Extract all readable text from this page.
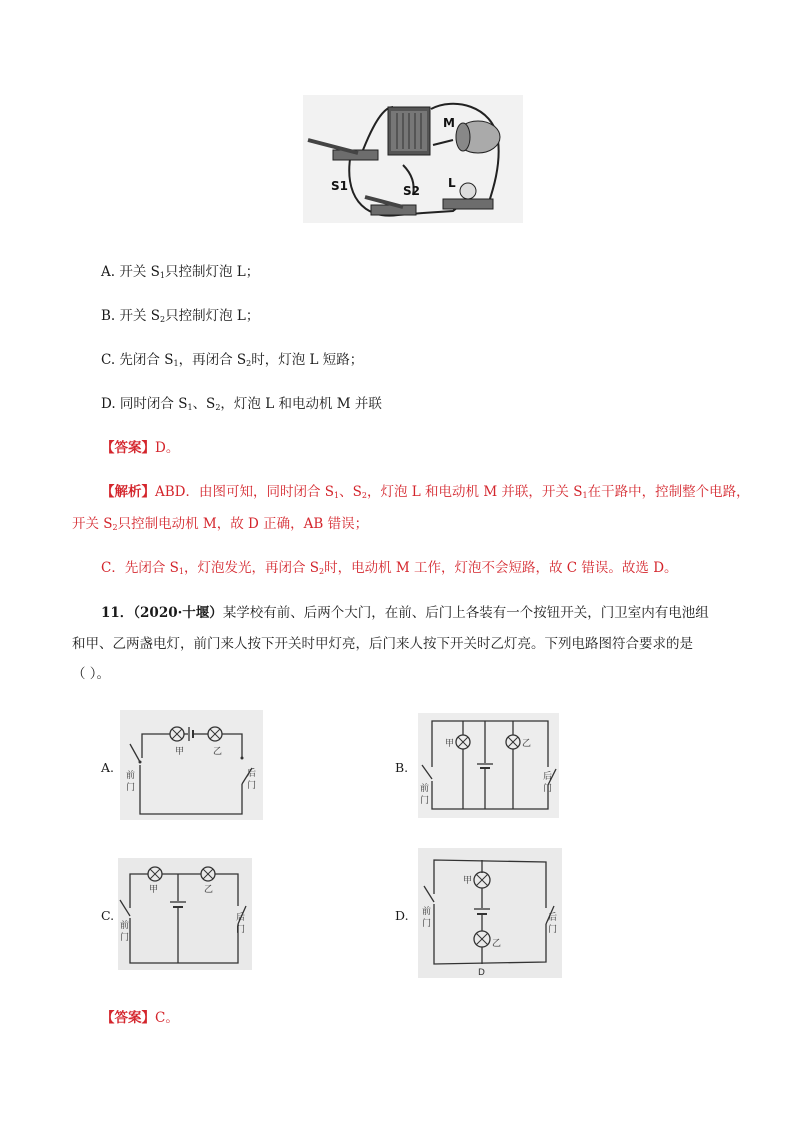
M
S1	S2
L
A. 开关 $S_1$只控制灯泡 L；
B. 开关 $S_2$只控制灯泡 L；
C. 先闭合 $S_1$，再闭合 $S_2$时，灯泡 L 短路；
D. 同时闭合 $S_1$、$S_2$，灯泡 L 和电动机 M 并联
【答案】D。
【解析】ABD．由图可知，同时闭合 $S_1$、$S_2$，灯泡 L 和电动机 M 并联，开关 $S_1$在干路中，控制整个电路，
开关 $S_2$只控制电动机 M，故 D 正确，AB 错误；
C．先闭合 $S_1$，灯泡发光，再闭合 $S_2$时，电动机 M 工作，灯泡不会短路，故 C 错误。故选 D。
11．（2020·十堰）某学校有前、后两个大门，在前、后门上各装有一个按钮开关，门卫室内有电池组
和甲、乙两盏电灯，前门来人按下开关时甲灯亮，后门来人按下开关时乙灯亮。下列电路图符合要求的是
（ ）。
A.	B.
C.	D.
甲	乙
前
门
后
门
甲	乙
前
门
后
门
甲	乙
前
门
后
门
甲
乙
前
门
后
门
D
【答案】C。
